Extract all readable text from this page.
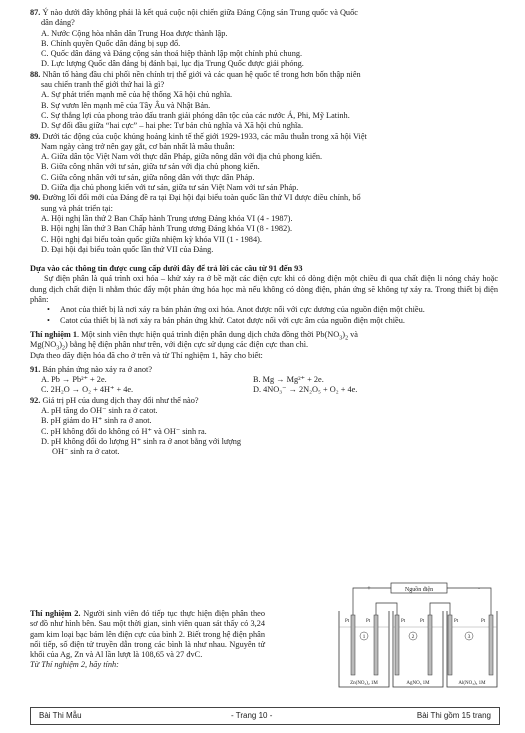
87. Ý nào dưới đây không phải là kết quả cuộc nội chiến giữa Đảng Cộng sản Trung quốc và Quốc
dân đảng?
A. Nước Cộng hòa nhân dân Trung Hoa được thành lập.
B. Chính quyền Quốc dân đảng bị sụp đổ.
C. Quốc dân đảng và Đảng cộng sản thoả hiệp thành lập một chính phủ chung.
D. Lực lượng Quốc dân đảng bị đánh bại, lục địa Trung Quốc được giải phóng.
88. Nhân tố hàng đầu chi phối nền chính trị thế giới và các quan hệ quốc tế trong hơn bốn thập niên
sau chiến tranh thế giới thứ hai là gì?
A. Sự phát triển mạnh mẽ của hệ thống Xã hội chủ nghĩa.
B. Sự vươn lên mạnh mẽ của Tây Âu và Nhật Bản.
C. Sự thắng lợi của phong trào đấu tranh giải phóng dân tộc của các nước Á, Phi, Mỹ Latinh.
D. Sự đối đầu giữa “hai cực” – hai phe: Tư bản chủ nghĩa và Xã hội chủ nghĩa.
89. Dưới tác động của cuộc khủng hoảng kinh tế thế giới 1929-1933, các mâu thuẫn trong xã hội Việt
Nam ngày càng trở nên gay gắt, cơ bản nhất là mâu thuẫn:
A. Giữa dân tộc Việt Nam với thực dân Pháp, giữa nông dân với địa chủ phong kiến.
B. Giữa công nhân với tư sản, giữa tư sản với địa chủ phong kiến.
C. Giữa công nhân với tư sản, giữa nông dân với thực dân Pháp.
D. Giữa địa chủ phong kiến với tư sản, giữa tư sản Việt Nam với tư sản Pháp.
90. Đường lối đổi mới của Đảng đề ra tại Đại hội đại biểu toàn quốc lần thứ VI được điều chỉnh, bổ
sung và phát triển tại:
A. Hội nghị lần thứ 2 Ban Chấp hành Trung ương Đảng khóa VI (4 - 1987).
B. Hội nghị lần thứ 3 Ban Chấp hành Trung ương Đảng khóa VI (8 - 1982).
C. Hội nghị đại biểu toàn quốc giữa nhiệm kỳ khóa VII (1 - 1984).
D. Đại hội đại biểu toàn quốc lần thứ VII của Đảng.
Dựa vào các thông tin được cung cấp dưới đây để trả lời các câu từ 91 đến 93
Sự điện phân là quá trình oxi hóa – khử xảy ra ở bề mặt các điện cực khi có dòng điện một chiều đi qua chất điện li nóng chảy hoặc dung dịch chất điện li nhằm thúc đẩy một phản ứng hóa học mà nếu không có dòng điện, phản ứng sẽ không tự xảy ra. Trong thiết bị điện phân:
• Anot của thiết bị là nơi xảy ra bán phản ứng oxi hóa. Anot được nối với cực dương của nguồn điện một chiều.
• Catot của thiết bị là nơi xảy ra bán phản ứng khử. Catot được nối với cực âm của nguồn điện một chiều.
Thí nghiệm 1. Một sinh viên thực hiện quá trình điện phân dung dịch chứa đồng thời $Pb(NO_3)_2$ và
$Mg(NO_3)_2$) bằng hệ điện phân như trên, với điện cực sử dụng các điện cực than chì.
Dựa theo dãy điện hóa đã cho ở trên và từ Thí nghiệm 1, hãy cho biết:
91. Bán phản ứng nào xảy ra ở anot?
A. Pb → Pb²⁺ + 2e.	B. Mg → Mg²⁺ + 2e.
C. 2H₂O → O₂ + 4H⁺ + 4e.	D. 4NO₃⁻ → 2N₂O₅ + O₂ + 4e.
92. Giá trị pH của dung dịch thay đổi như thế nào?
A. pH tăng do OH⁻ sinh ra ở catot.
B. pH giảm do H⁺ sinh ra ở anot.
C. pH không đổi do không có H⁺ và OH⁻ sinh ra.
D. pH không đổi do lượng H⁺ sinh ra ở anot bằng với lượng
OH⁻ sinh ra ở catot.
Thí nghiệm 2. Người sinh viên đó tiếp tục thực hiện điện phân theo sơ đồ như hình bên. Sau một thời gian, sinh viên quan sát thấy có 3,24 gam kim loại bạc bám lên điện cực của bình 2. Biết trong hệ điện phân nối tiếp, số điện tử truyền dẫn trong các bình là như nhau. Nguyên tử khối của Ag, Zn và Al lần lượt là 108,65 và 27 đvC.
Từ Thí nghiệm 2, hãy tính:
Nguồn điện
+	-
Pt	Pt	Pt	Pt	Pt	Pt
1	2	3
Zn(NO₃)₂ 1M	AgNO₃ 1M	Al(NO₃)₃ 1M
Bài Thi Mẫu	- Trang 10 -	Bài Thi gồm 15 trang
